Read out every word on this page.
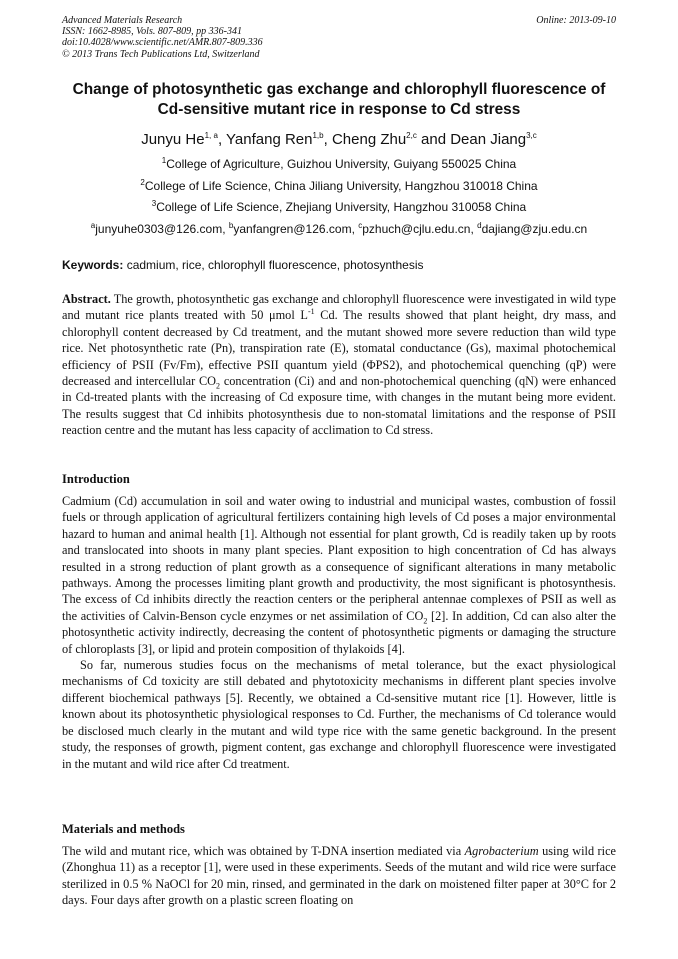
Advanced Materials Research
ISSN: 1662-8985, Vols. 807-809, pp 336-341
doi:10.4028/www.scientific.net/AMR.807-809.336
© 2013 Trans Tech Publications Ltd, Switzerland
Online: 2013-09-10
Change of photosynthetic gas exchange and chlorophyll fluorescence of
Cd-sensitive mutant rice in response to Cd stress
Junyu He$^{1, a}$, Yanfang Ren$^{1,b}$, Cheng Zhu$^{2,c}$ and Dean Jiang$^{3,c}$
$^1$College of Agriculture, Guizhou University, Guiyang 550025 China
$^2$College of Life Science, China Jiliang University, Hangzhou 310018 China
$^3$College of Life Science, Zhejiang University, Hangzhou 310058 China
$^a$junyuhe0303@126.com, $^b$yanfangren@126.com, $^c$pzhuch@cjlu.edu.cn, $^d$dajiang@zju.edu.cn
Keywords: cadmium, rice, chlorophyll fluorescence, photosynthesis

Abstract. The growth, photosynthetic gas exchange and chlorophyll fluorescence were investigated in wild type and mutant rice plants treated with 50 μmol $L^{-1}$ Cd. The results showed that plant height, dry mass, and chlorophyll content decreased by Cd treatment, and the mutant showed more severe reduction than wild type rice. Net photosynthetic rate (Pn), transpiration rate (E), stomatal conductance (Gs), maximal photochemical efficiency of PSII (Fv/Fm), effective PSII quantum yield (ΦPS2), and photochemical quenching (qP) were decreased and intercellular $CO_2$ concentration (Ci) and and non-photochemical quenching (qN) were enhanced in Cd-treated plants with the increasing of Cd exposure time, with changes in the mutant being more evident. The results suggest that Cd inhibits photosynthesis due to non-stomatal limitations and the response of PSII reaction centre and the mutant has less capacity of acclimation to Cd stress.

Introduction

Cadmium (Cd) accumulation in soil and water owing to industrial and municipal wastes, combustion of fossil fuels or through application of agricultural fertilizers containing high levels of Cd poses a major environmental hazard to human and animal health [1]. Although not essential for plant growth, Cd is readily taken up by roots and translocated into shoots in many plant species. Plant exposition to high concentration of Cd has always resulted in a strong reduction of plant growth as a consequence of significant alterations in many metabolic pathways. Among the processes limiting plant growth and productivity, the most significant is photosynthesis. The excess of Cd inhibits directly the reaction centers or the peripheral antennae complexes of PSII as well as the activities of Calvin-Benson cycle enzymes or net assimilation of $CO_2$ [2]. In addition, Cd can also alter the photosynthetic activity indirectly, decreasing the content of photosynthetic pigments or damaging the structure of chloroplasts [3], or lipid and protein composition of thylakoids [4].

So far, numerous studies focus on the mechanisms of metal tolerance, but the exact physiological mechanisms of Cd toxicity are still debated and phytotoxicity mechanisms in different plant species involve different biochemical pathways [5]. Recently, we obtained a Cd-sensitive mutant rice [1]. However, little is known about its photosynthetic physiological responses to Cd. Further, the mechanisms of Cd tolerance would be disclosed much clearly in the mutant and wild type rice with the same genetic background. In the present study, the responses of growth, pigment content, gas exchange and chlorophyll fluorescence were investigated in the mutant and wild rice after Cd treatment.

Materials and methods

The wild and mutant rice, which was obtained by T-DNA insertion mediated via Agrobacterium using wild rice (Zhonghua 11) as a receptor [1], were used in these experiments. Seeds of the mutant and wild rice were surface sterilized in 0.5 % NaOCl for 20 min, rinsed, and germinated in the dark on moistened filter paper at 30°C for 2 days. Four days after growth on a plastic screen floating on
